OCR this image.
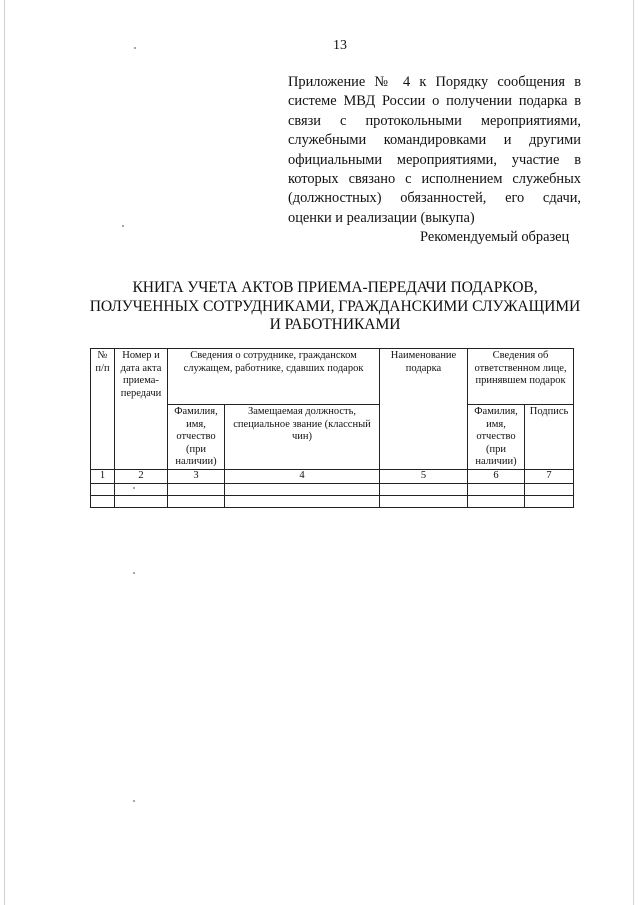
13
Приложение № 4 к Порядку сообщения в системе МВД России о получении подарка в связи с протокольными мероприятиями, служебными командировками и другими официальными мероприятиями, участие в которых связано с исполнением служебных (должностных) обязанностей, его сдачи, оценки и реализации (выкупа)
Рекомендуемый образец
КНИГА УЧЕТА АКТОВ ПРИЕМА-ПЕРЕДАЧИ ПОДАРКОВ,
ПОЛУЧЕННЫХ СОТРУДНИКАМИ, ГРАЖДАНСКИМИ СЛУЖАЩИМИ
И РАБОТНИКАМИ
№ п/п	Номер и дата акта приема-передачи	Сведения о сотруднике, гражданском служащем, работнике, сдавших подарок		Наименование подарка	Сведения об ответственном лице, принявшем подарок	
		Фамилия, имя, отчество (при наличии)	Замещаемая должность, специальное звание (классный чин)		Фамилия, имя, отчество (при наличии)	Подпись
1	2	3	4	5	6	7
